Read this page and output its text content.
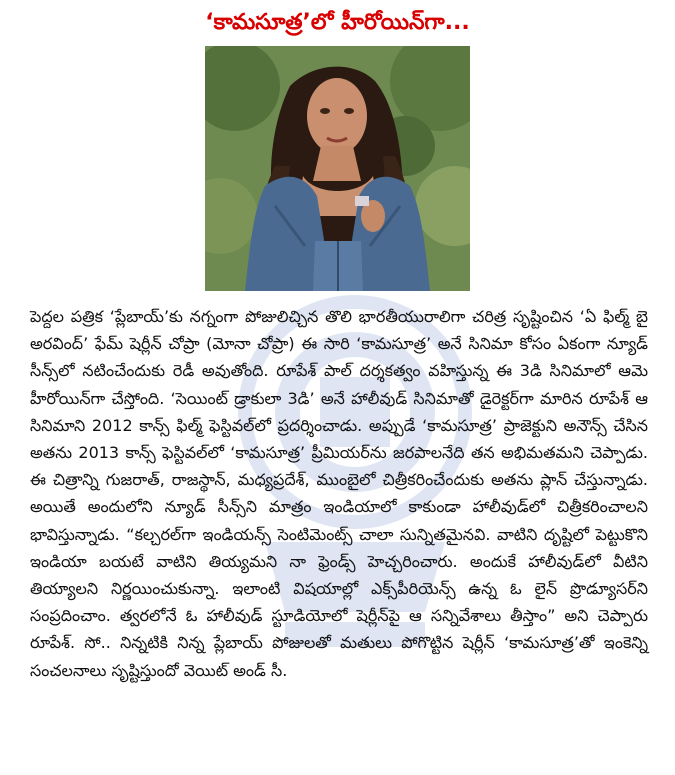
‘కామసూత్ర’లో హీరోయిన్‌గా...

పెద్దల పత్రిక ‘ప్లేబాయ్’కు నగ్నంగా పోజులిచ్చిన తొలి భారతీయురాలిగా చరిత్ర సృష్టించిన ‘ఏ ఫిల్మ్ బై అరవింద్’ ఫేమ్ షెర్లీన్ చోప్రా (మోనా చోప్రా) ఈ సారి ‘కామసూత్ర’ అనే సినిమా కోసం ఏకంగా న్యూడ్ సీన్స్‌లో నటించేందుకు రెడీ అవుతోంది. రూపేశ్ పాల్ దర్శకత్వం వహిస్తున్న ఈ 3డి సినిమాలో ఆమె హీరోయిన్‌గా చేస్తోంది. ‘సెయింట్ డ్రాకులా 3డి’ అనే హాలీవుడ్ సినిమాతో డైరెక్టర్‌గా మారిన రూపేశ్ ఆ సినిమాని 2012 కాన్స్ ఫిల్మ్ ఫెస్టివల్‌లో ప్రదర్శించాడు. అప్పుడే ‘కామసూత్ర’ ప్రాజెక్టుని అనౌన్స్ చేసిన అతను 2013 కాన్స్ ఫెస్టివల్‌లో ‘కామసూత్ర’ ప్రీమియర్‌ను జరపాలనేది తన అభిమతమని చెప్పాడు. ఈ చిత్రాన్ని గుజరాత్, రాజస్థాన్, మధ్యప్రదేశ్, ముంబైలో చిత్రీకరించేందుకు అతను ప్లాన్ చేస్తున్నాడు. అయితే అందులోని న్యూడ్ సీన్స్‌ని మాత్రం ఇండియాలో కాకుండా హాలీవుడ్‌లో చిత్రీకరించాలని భావిస్తున్నాడు. “కల్చరల్‌గా ఇండియన్స్ సెంటిమెంట్స్ చాలా సున్నితమైనవి. వాటిని దృష్టిలో పెట్టుకొని ఇండియా బయటే వాటిని తియ్యమని నా ఫ్రెండ్స్ హెచ్చరించారు. అందుకే హాలీవుడ్‌లో వీటిని తియ్యాలని నిర్ణయించుకున్నా. ఇలాంటి విషయాల్లో ఎక్స్‌పీరియెన్స్ ఉన్న ఓ లైన్ ప్రొడ్యూసర్‌ని సంప్రదించాం. త్వరలోనే ఓ హాలీవుడ్ స్టూడియోలో షెర్లీన్‌పై ఆ సన్నివేశాలు తీస్తాం” అని చెప్పారు రూపేశ్. సో.. నిన్నటికి నిన్న ప్లేబాయ్ పోజులతో మతులు పోగొట్టిన షెర్లీన్ ‘కామసూత్ర’తో ఇంకెన్ని సంచలనాలు సృష్టిస్తుందో వెయిట్ అండ్ సీ.
